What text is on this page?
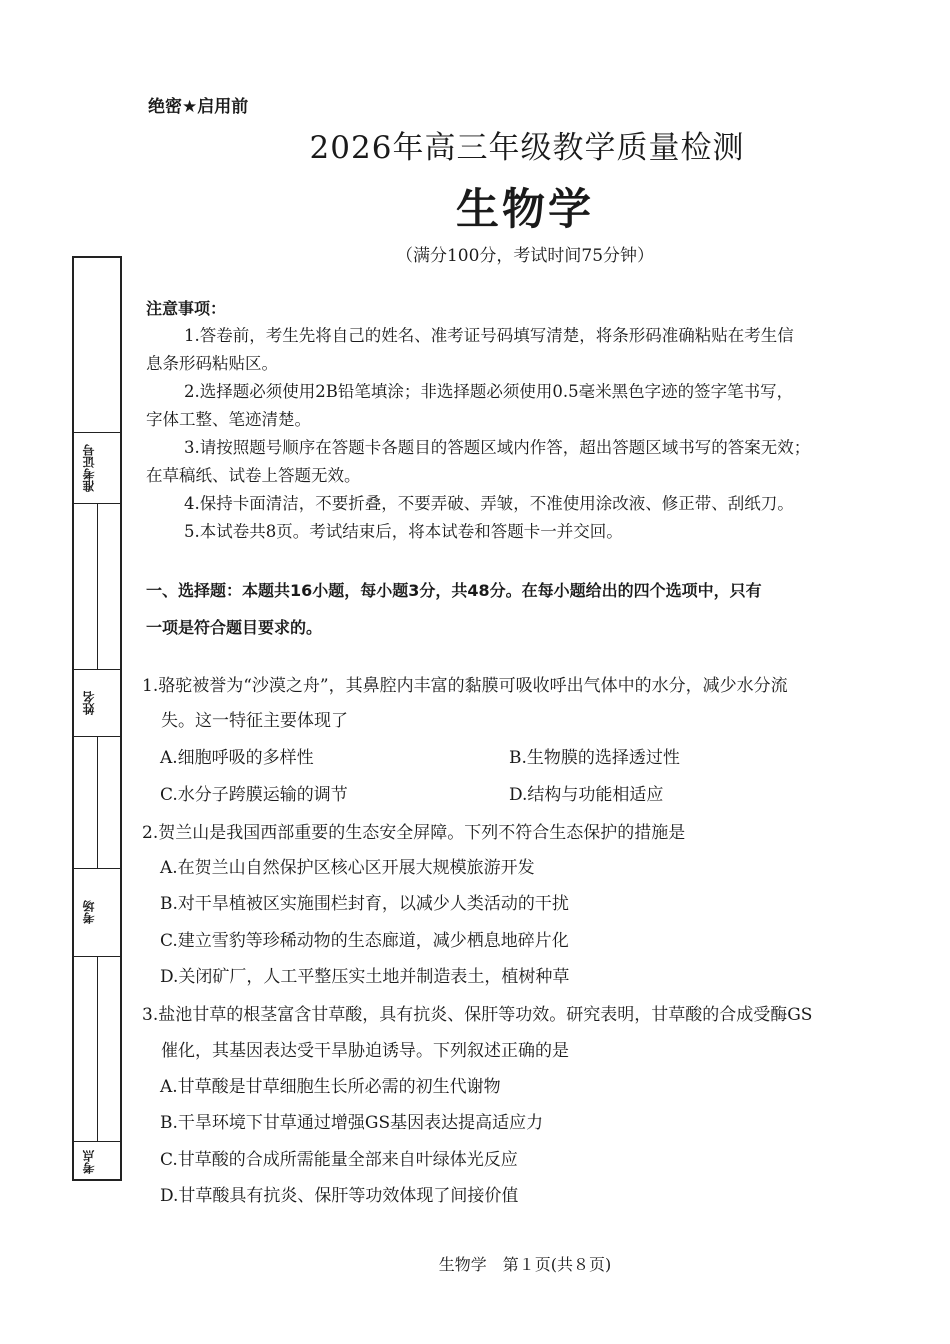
绝密★启用前
2026年高三年级教学质量检测
生物学
（满分100分，考试时间75分钟）
准考证号
姓名
考场
考点
注意事项：
1.答卷前，考生先将自己的姓名、准考证号码填写清楚，将条形码准确粘贴在考生信
息条形码粘贴区。
2.选择题必须使用2B铅笔填涂；非选择题必须使用0.5毫米黑色字迹的签字笔书写，
字体工整、笔迹清楚。
3.请按照题号顺序在答题卡各题目的答题区域内作答，超出答题区域书写的答案无效；
在草稿纸、试卷上答题无效。
4.保持卡面清洁，不要折叠，不要弄破、弄皱，不准使用涂改液、修正带、刮纸刀。
5.本试卷共8页。考试结束后，将本试卷和答题卡一并交回。
一、选择题：本题共16小题，每小题3分，共48分。在每小题给出的四个选项中，只有
一项是符合题目要求的。
1.骆驼被誉为“沙漠之舟”，其鼻腔内丰富的黏膜可吸收呼出气体中的水分，减少水分流
失。这一特征主要体现了
A.细胞呼吸的多样性	B.生物膜的选择透过性
C.水分子跨膜运输的调节	D.结构与功能相适应
2.贺兰山是我国西部重要的生态安全屏障。下列不符合生态保护的措施是
A.在贺兰山自然保护区核心区开展大规模旅游开发
B.对干旱植被区实施围栏封育，以减少人类活动的干扰
C.建立雪豹等珍稀动物的生态廊道，减少栖息地碎片化
D.关闭矿厂，人工平整压实土地并制造表土，植树种草
3.盐池甘草的根茎富含甘草酸，具有抗炎、保肝等功效。研究表明，甘草酸的合成受酶GS
催化，其基因表达受干旱胁迫诱导。下列叙述正确的是
A.甘草酸是甘草细胞生长所必需的初生代谢物
B.干旱环境下甘草通过增强GS基因表达提高适应力
C.甘草酸的合成所需能量全部来自叶绿体光反应
D.甘草酸具有抗炎、保肝等功效体现了间接价值
生物学　第１页(共８页)
